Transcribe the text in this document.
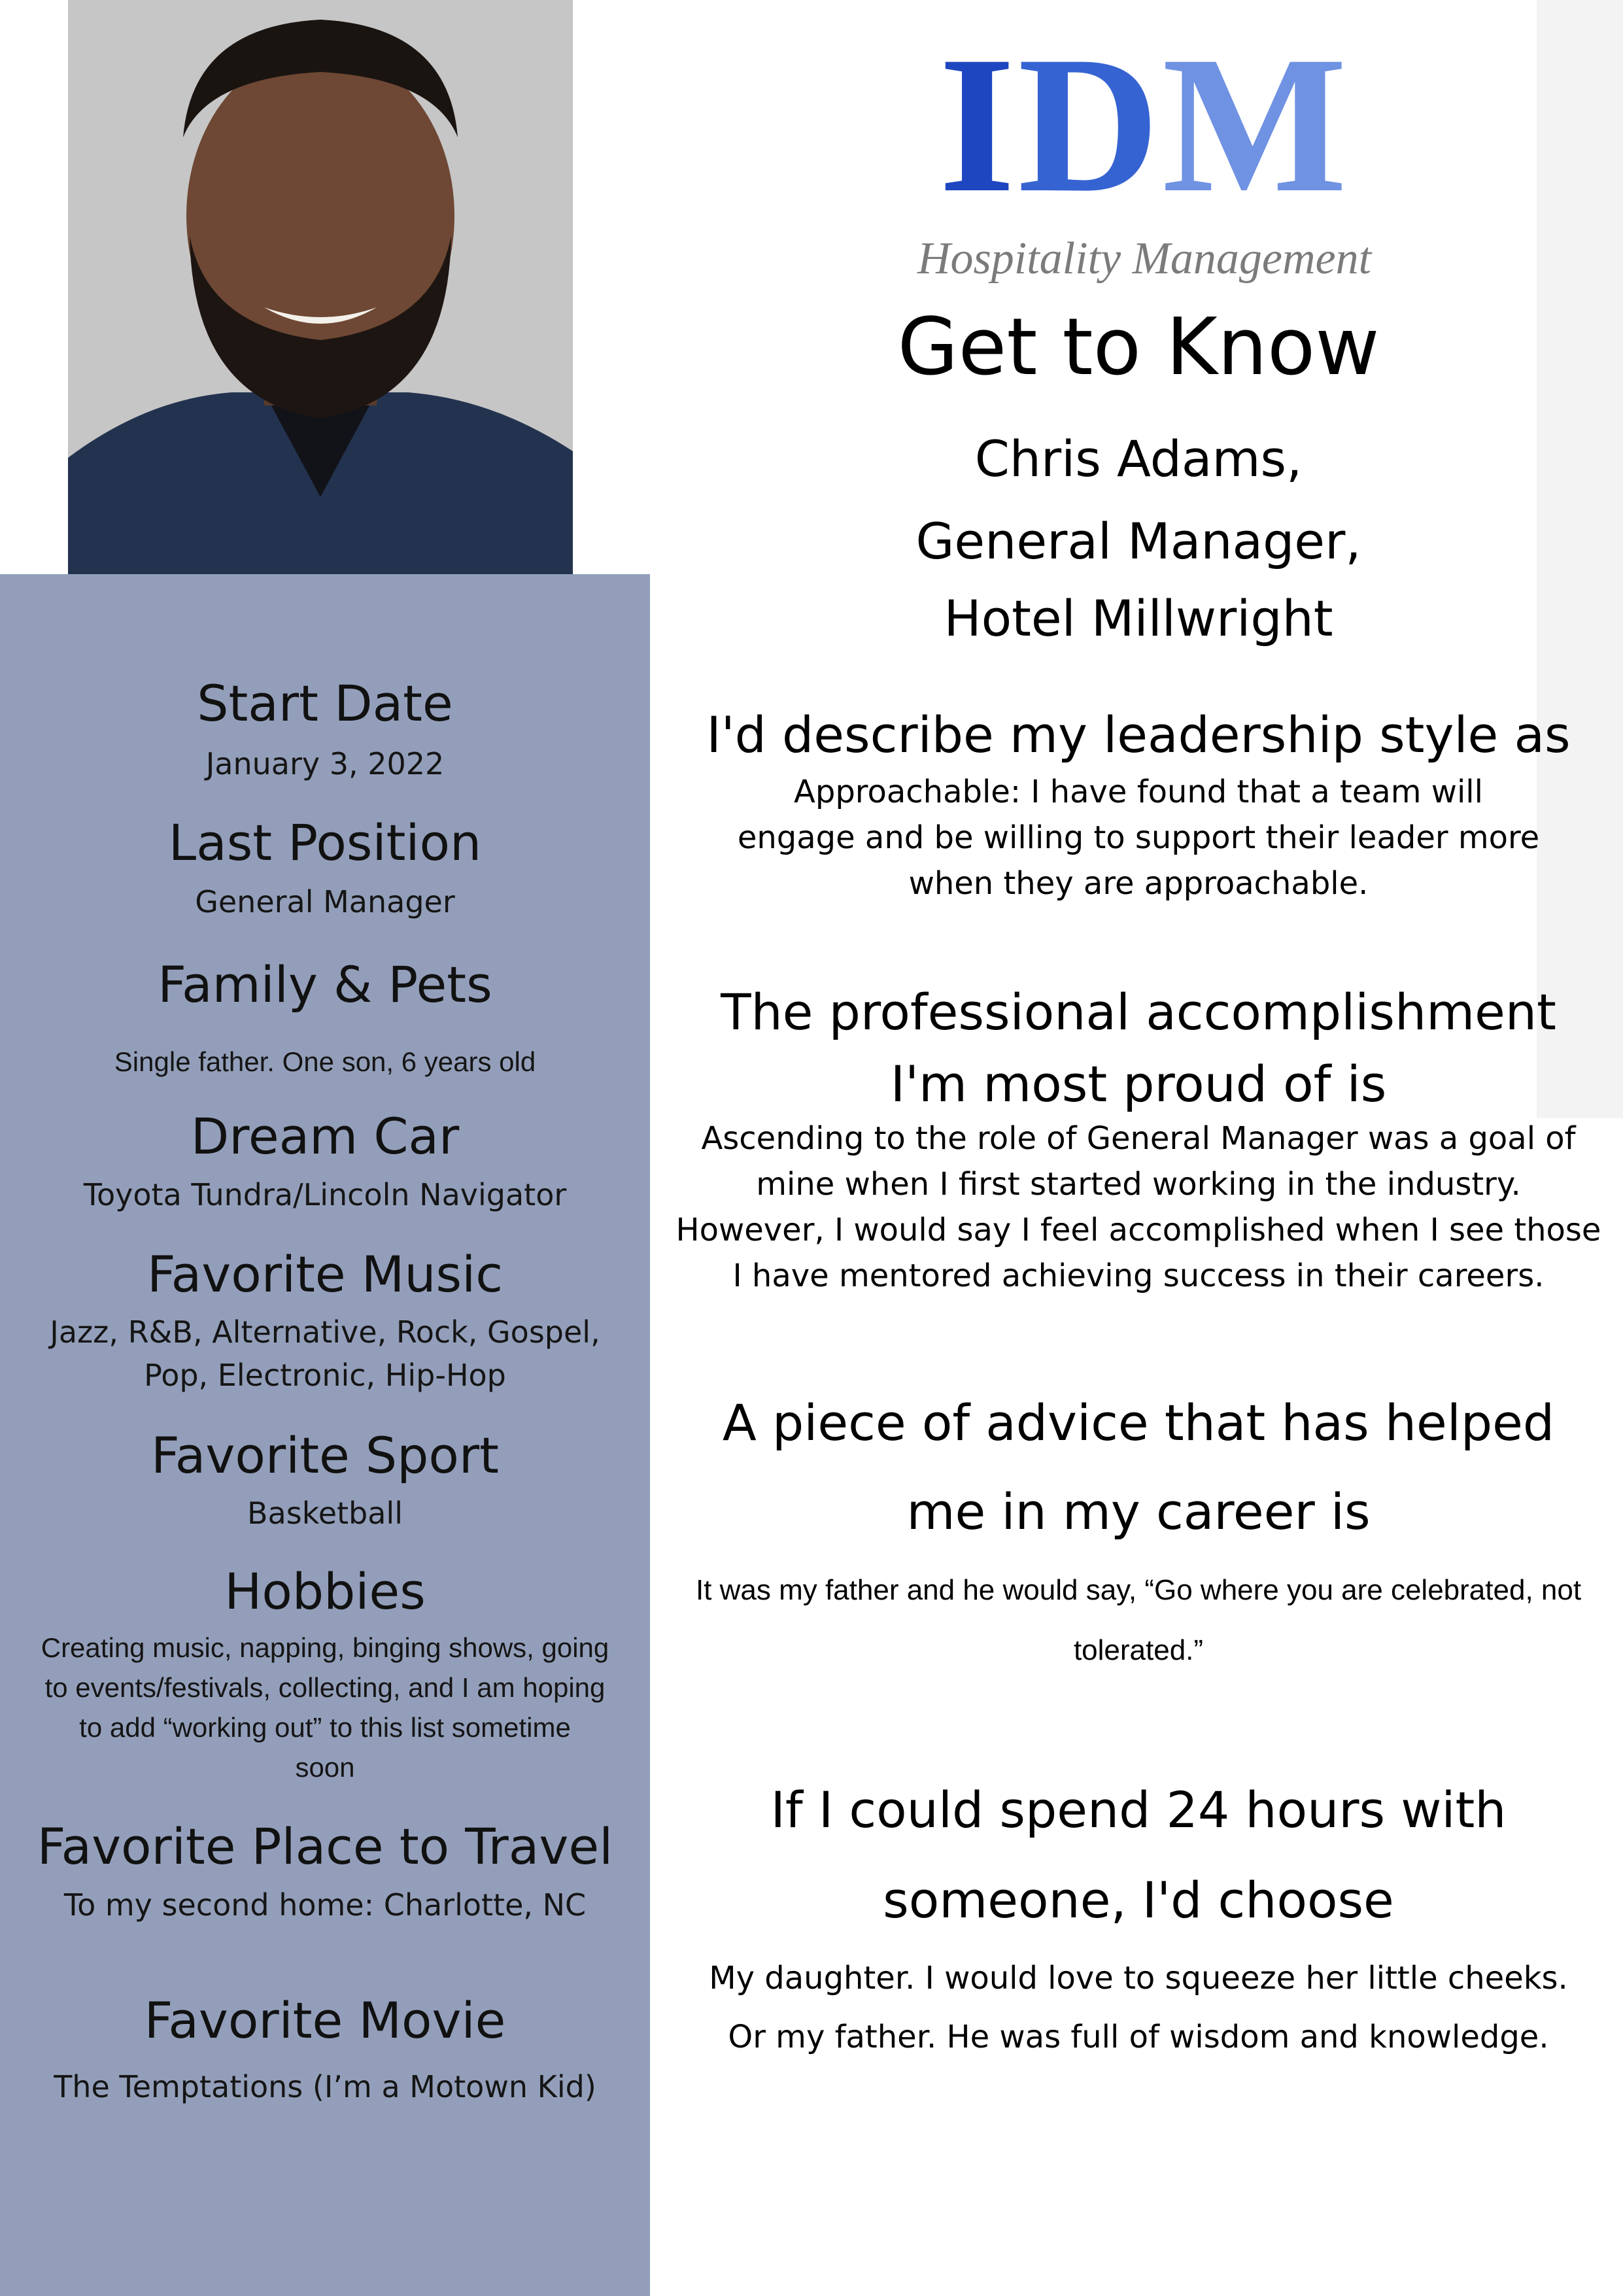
Start Date
January 3, 2022
Last Position
General Manager
Family & Pets
Single father. One son, 6 years old
Dream Car
Toyota Tundra/Lincoln Navigator
Favorite Music
Jazz, R&B, Alternative, Rock, Gospel,
Pop, Electronic, Hip-Hop
Favorite Sport
Basketball
Hobbies
Creating music, napping, binging shows, going
to events/festivals, collecting, and I am hoping
to add “working out” to this list sometime
soon
Favorite Place to Travel
To my second home: Charlotte, NC
Favorite Movie
The Temptations (I’m a Motown Kid)
IDM
Hospitality Management
Get to Know
Chris Adams,
General Manager,
Hotel Millwright
I'd describe my leadership style as
Approachable: I have found that a team will
engage and be willing to support their leader more
when they are approachable.
The professional accomplishment
I'm most proud of is
Ascending to the role of General Manager was a goal of
mine when I first started working in the industry.
However, I would say I feel accomplished when I see those
I have mentored achieving success in their careers.
A piece of advice that has helped
me in my career is
It was my father and he would say, “Go where you are celebrated, not
tolerated.”
If I could spend 24 hours with
someone, I'd choose
My daughter. I would love to squeeze her little cheeks.
Or my father. He was full of wisdom and knowledge.
